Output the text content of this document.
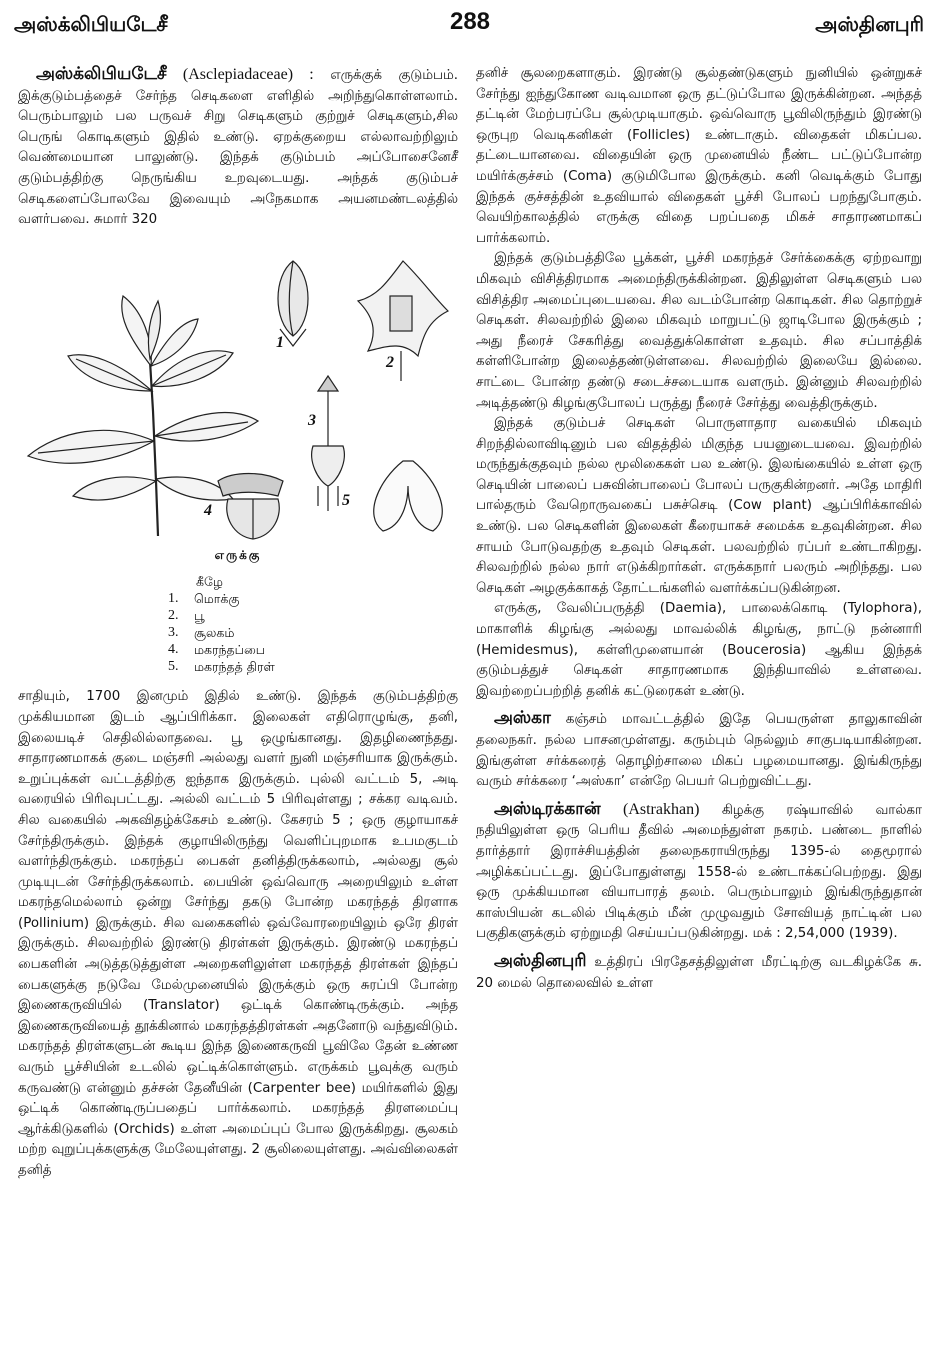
அஸ்க்லிபியடேசீ	288	அஸ்தினபுரி

அஸ்க்லிபியடேசீ (Asclepiadaceae) : எருக்குக் குடும்பம். இக்குடும்பத்தைச் சேர்ந்த செடிகளை எளிதில் அறிந்துகொள்ளலாம். பெரும்பாலும் பல பருவச் சிறு செடிகளும் குற்றுச் செடிகளும்,சில பெருங் கொடிகளும் இதில் உண்டு. ஏறக்குறைய எல்லாவற்றிலும் வெண்மையான பாலுண்டு. இந்தக் குடும்பம் அப்போசைனேசீ குடும்பத்திற்கு நெருங்கிய உறவுடையது. அந்தக் குடும்பச் செடிகளைப்போலவே இவையும் அநேகமாக அயனமண்டலத்தில் வளர்பவை. சுமார் 320

1
2
3
4
5
எருக்கு
கீழே
1.	மொக்கு
2.	பூ
3.	சூலகம்
4.	மகரந்தப்பை
5.	மகரந்தத் திரள்

சாதியும், 1700 இனமும் இதில் உண்டு. இந்தக் குடும்பத்திற்கு முக்கியமான இடம் ஆப்பிரிக்கா. இலைகள் எதிரொழுங்கு, தனி, இலையடிச் செதிலில்லாதவை. பூ ஒழுங்கானது. இதழிணைந்தது. சாதாரணமாகக் குடை மஞ்சரி அல்லது வளர் நுனி மஞ்சரியாக இருக்கும். உறுப்புக்கள் வட்டத்திற்கு ஐந்தாக இருக்கும். புல்லி வட்டம் 5, அடி வரையில் பிரிவுபட்டது. அல்லி வட்டம் 5 பிரிவுள்ளது ; சக்கர வடிவம். சில வகையில் அகவிதழ்க்கேசம் உண்டு. கேசரம் 5 ; ஒரு குழாயாகச் சேர்ந்திருக்கும். இந்தக் குழாயிலிருந்து வெளிப்புறமாக உபமகுடம் வளர்ந்திருக்கும். மகரந்தப் பைகள் தனித்திருக்கலாம், அல்லது சூல் முடியுடன் சேர்ந்திருக்கலாம். பையின் ஒவ்வொரு அறையிலும் உள்ள மகரந்தமெல்லாம் ஒன்று சேர்ந்து தகடு போன்ற மகரந்தத் திரளாக (Pollinium) இருக்கும். சில வகைகளில் ஒவ்வோரறையிலும் ஒரே திரள் இருக்கும். சிலவற்றில் இரண்டு திரள்கள் இருக்கும். இரண்டு மகரந்தப் பைகளின் அடுத்தடுத்துள்ள அறைகளிலுள்ள மகரந்தத் திரள்கள் இந்தப் பைகளுக்கு நடுவே மேல்முனையில் இருக்கும் ஒரு சுரப்பி போன்ற இணைகருவியில் (Translator) ஒட்டிக் கொண்டிருக்கும். அந்த இணைகருவியைத் தூக்கினால் மகரந்தத்திரள்கள் அதனோடு வந்துவிடும். மகரந்தத் திரள்களுடன் கூடிய இந்த இணைகருவி பூவிலே தேன் உண்ண வரும் பூச்சியின் உடலில் ஒட்டிக்கொள்ளும். எருக்கம் பூவுக்கு வரும் கருவண்டு என்னும் தச்சன் தேனீயின் (Carpenter bee) மயிர்களில் இது ஒட்டிக் கொண்டிருப்பதைப் பார்க்கலாம். மகரந்தத் திரளமைப்பு ஆர்க்கிடுகளில் (Orchids) உள்ள அமைப்புப் போல இருக்கிறது. சூலகம் மற்ற வுறுப்புக்களுக்கு மேலேயுள்ளது. 2 சூலிலையுள்ளது. அவ்விலைகள் தனித்

தனிச் சூலறைகளாகும். இரண்டு சூல்தண்டுகளும் நுனியில் ஒன்றுகச் சேர்ந்து ஐந்துகோண வடிவமான ஒரு தட்டுப்போல இருக்கின்றன. அந்தத் தட்டின் மேற்பரப்பே சூல்முடியாகும். ஒவ்வொரு பூவிலிருந்தும் இரண்டு ஒருபுற வெடிகனிகள் (Follicles) உண்டாகும். விதைகள் மிகப்பல. தட்டையானவை. விதையின் ஒரு முனையில் நீண்ட பட்டுப்போன்ற மயிர்க்குச்சம் (Coma) குடுமிபோல இருக்கும். கனி வெடிக்கும் போது இந்தக் குச்சத்தின் உதவியால் விதைகள் பூச்சி போலப் பறந்துபோகும். வெயிற்காலத்தில் எருக்கு விதை பறப்பதை மிகச் சாதாரணமாகப் பார்க்கலாம்.

இந்தக் குடும்பத்திலே பூக்கள், பூச்சி மகரந்தச் சேர்க்கைக்கு ஏற்றவாறு மிகவும் விசித்திரமாக அமைந்திருக்கின்றன. இதிலுள்ள செடிகளும் பல விசித்திர அமைப்புடையவை. சில வடம்போன்ற கொடிகள். சில தொற்றுச் செடிகள். சிலவற்றில் இலை மிகவும் மாறுபட்டு ஜாடிபோல இருக்கும் ; அது நீரைச் சேகரித்து வைத்துக்கொள்ள உதவும். சில சப்பாத்திக் கள்ளிபோன்ற இலைத்தண்டுள்ளவை. சிலவற்றில் இலையே இல்லை. சாட்டை போன்ற தண்டு சடைச்சடையாக வளரும். இன்னும் சிலவற்றில் அடித்தண்டு கிழங்குபோலப் பருத்து நீரைச் சேர்த்து வைத்திருக்கும்.

இந்தக் குடும்பச் செடிகள் பொருளாதார வகையில் மிகவும் சிறந்தில்லாவிடினும் பல விதத்தில் மிகுந்த பயனுடையவை. இவற்றில் மருந்துக்குதவும் நல்ல மூலிகைகள் பல உண்டு. இலங்கையில் உள்ள ஒரு செடியின் பாலைப் பசுவின்பாலைப் போலப் பருகுகின்றனர். அதே மாதிரி பால்தரும் வேறொருவகைப் பசுச்செடி (Cow plant) ஆப்பிரிக்காவில் உண்டு. பல செடிகளின் இலைகள் கீரையாகச் சமைக்க உதவுகின்றன. சில சாயம் போடுவதற்கு உதவும் செடிகள். பலவற்றில் ரப்பர் உண்டாகிறது. சிலவற்றில் நல்ல நார் எடுக்கிறார்கள். எருக்கநார் பலரும் அறிந்தது. பல செடிகள் அழகுக்காகத் தோட்டங்களில் வளர்க்கப்படுகின்றன.

எருக்கு, வேலிப்பருத்தி (Daemia), பாலைக்கொடி (Tylophora), மாகாளிக் கிழங்கு அல்லது மாவல்லிக் கிழங்கு, நாட்டு நன்னாரி (Hemidesmus), கள்ளிமுளையான் (Boucerosia) ஆகிய இந்தக் குடும்பத்துச் செடிகள் சாதாரணமாக இந்தியாவில் உள்ளவை. இவற்றைப்பற்றித் தனிக் கட்டுரைகள் உண்டு.

அஸ்கா கஞ்சம் மாவட்டத்தில் இதே பெயருள்ள தாலுகாவின் தலைநகர். நல்ல பாசனமுள்ளது. கரும்பும் நெல்லும் சாகுபடியாகின்றன. இங்குள்ள சர்க்கரைத் தொழிற்சாலை மிகப் பழமையானது. இங்கிருந்து வரும் சர்க்கரை ‘அஸ்கா’ என்றே பெயர் பெற்றுவிட்டது.

அஸ்டிரக்கான் (Astrakhan) கிழக்கு ரஷ்யாவில் வால்கா நதியிலுள்ள ஒரு பெரிய தீவில் அமைந்துள்ள நகரம். பண்டை நாளில் தார்த்தார் இராச்சியத்தின் தலைநகராயிருந்து 1395-ல் தைமூரால் அழிக்கப்பட்டது. இப்போதுள்ளது 1558-ல் உண்டாக்கப்பெற்றது. இது ஒரு முக்கியமான வியாபாரத் தலம். பெரும்பாலும் இங்கிருந்துதான் காஸ்பியன் கடலில் பிடிக்கும் மீன் முழுவதும் சோவியத் நாட்டின் பல பகுதிகளுக்கும் ஏற்றுமதி செய்யப்படுகின்றது. மக் : 2,54,000 (1939).

அஸ்தினபுரி உத்திரப் பிரதேசத்திலுள்ள மீரட்டிற்கு வடகிழக்கே சு. 20 மைல் தொலைவில் உள்ள
